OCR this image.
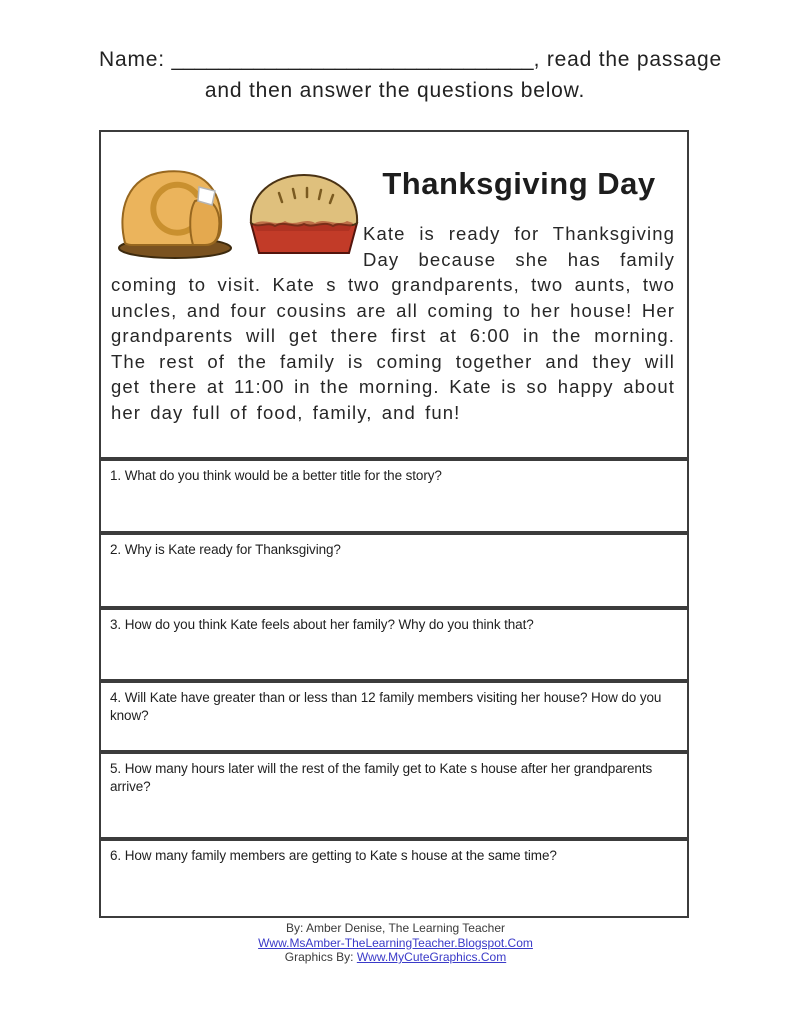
Name: _______________________________, read the passage
and then answer the questions below.
Thanksgiving Day

Kate is ready for Thanksgiving Day because she has family coming to visit. Kate s two grandparents, two aunts, two uncles, and four cousins are all coming to her house! Her grandparents will get there first at 6:00 in the morning. The rest of the family is coming together and they will get there at 11:00 in the morning. Kate is so happy about her day full of food, family, and fun!

1. What do you think would be a better title for the story?
2. Why is Kate ready for Thanksgiving?
3. How do you think Kate feels about her family? Why do you think that?
4. Will Kate have greater than or less than 12 family members visiting her house? How do you know?
5. How many hours later will the rest of the family get to Kate s house after her grandparents arrive?
6. How many family members are getting to Kate s house at the same time?
By: Amber Denise, The Learning Teacher
Www.MsAmber-TheLearningTeacher.Blogspot.Com
Graphics By: Www.MyCuteGraphics.Com
